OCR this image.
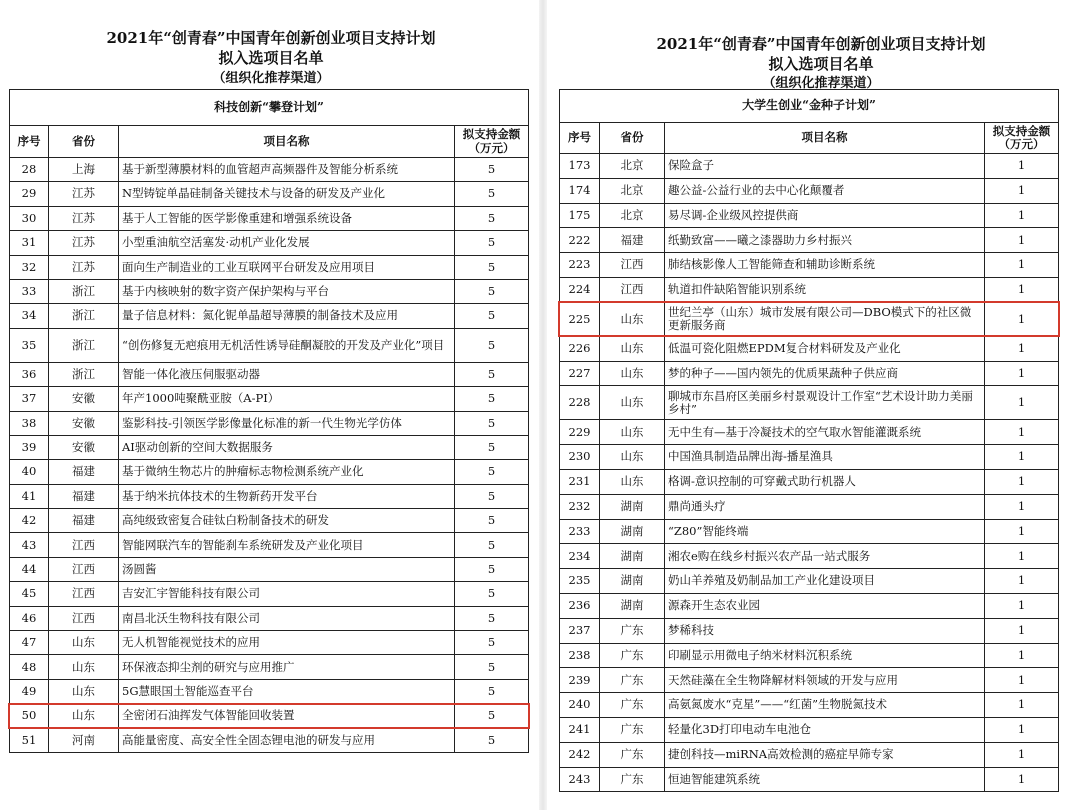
2021年“创青春”中国青年创新创业项目支持计划
拟入选项目名单
（组织化推荐渠道）
2021年“创青春”中国青年创新创业项目支持计划
拟入选项目名单
（组织化推荐渠道）
科技创新“攀登计划”			
序号	省份	项目名称	拟支持金额（万元）
28	上海	基于新型薄膜材料的血管超声高频器件及智能分析系统	5
29	江苏	N型铸锭单晶硅制备关键技术与设备的研发及产业化	5
30	江苏	基于人工智能的医学影像重建和增强系统设备	5
31	江苏	小型重油航空活塞发·动机产业化发展	5
32	江苏	面向生产制造业的工业互联网平台研发及应用项目	5
33	浙江	基于内核映射的数字资产保护架构与平台	5
34	浙江	量子信息材料：氮化铌单晶超导薄膜的制备技术及应用	5
35	浙江	“创伤修复无疤痕用无机活性诱导硅酮凝胶的开发及产业化”项目	5
36	浙江	智能一体化液压伺服驱动器	5
37	安徽	年产1000吨聚酰亚胺（A-PI）	5
38	安徽	鉴影科技-引领医学影像量化标准的新一代生物光学仿体	5
39	安徽	AI驱动创新的空间大数据服务	5
40	福建	基于微纳生物芯片的肿瘤标志物检测系统产业化	5
41	福建	基于纳米抗体技术的生物新药开发平台	5
42	福建	高纯级致密复合硅钛白粉制备技术的研发	5
43	江西	智能网联汽车的智能刹车系统研发及产业化项目	5
44	江西	汤圆酱	5
45	江西	吉安汇宇智能科技有限公司	5
46	江西	南昌北沃生物科技有限公司	5
47	山东	无人机智能视觉技术的应用	5
48	山东	环保液态抑尘剂的研究与应用推广	5
49	山东	5G慧眼国土智能巡查平台	5
50	山东	全密闭石油挥发气体智能回收装置	5
51	河南	高能量密度、高安全性全固态锂电池的研发与应用	5
大学生创业“金种子计划”			
序号	省份	项目名称	拟支持金额（万元）
173	北京	保险盒子	1
174	北京	趣公益-公益行业的去中心化颠覆者	1
175	北京	易尽调-企业级风控提供商	1
222	福建	纸勤致富——曦之漆器助力乡村振兴	1
223	江西	肺结核影像人工智能筛查和辅助诊断系统	1
224	江西	轨道扣件缺陷智能识别系统	1
225	山东	世纪兰亭（山东）城市发展有限公司—DBO模式下的社区微更新服务商	1
226	山东	低温可瓷化阻燃EPDM复合材料研发及产业化	1
227	山东	梦的种子——国内领先的优质果蔬种子供应商	1
228	山东	聊城市东昌府区美丽乡村景观设计工作室“艺术设计助力美丽乡村”	1
229	山东	无中生有—基于冷凝技术的空气取水智能灌溉系统	1
230	山东	中国渔具制造品牌出海-播星渔具	1
231	山东	格调-意识控制的可穿戴式助行机器人	1
232	湖南	鼎尚通头疗	1
233	湖南	“Z80”智能终端	1
234	湖南	湘农e购在线乡村振兴农产品一站式服务	1
235	湖南	奶山羊养殖及奶制品加工产业化建设项目	1
236	湖南	源森开生态农业园	1
237	广东	梦稀科技	1
238	广东	印刷显示用微电子纳米材料沉积系统	1
239	广东	天然硅藻在全生物降解材料领域的开发与应用	1
240	广东	高氨氮废水“克星”——“红菌”生物脱氮技术	1
241	广东	轻量化3D打印电动车电池仓	1
242	广东	捷创科技—miRNA高效检测的癌症早筛专家	1
243	广东	恒迪智能建筑系统	1
